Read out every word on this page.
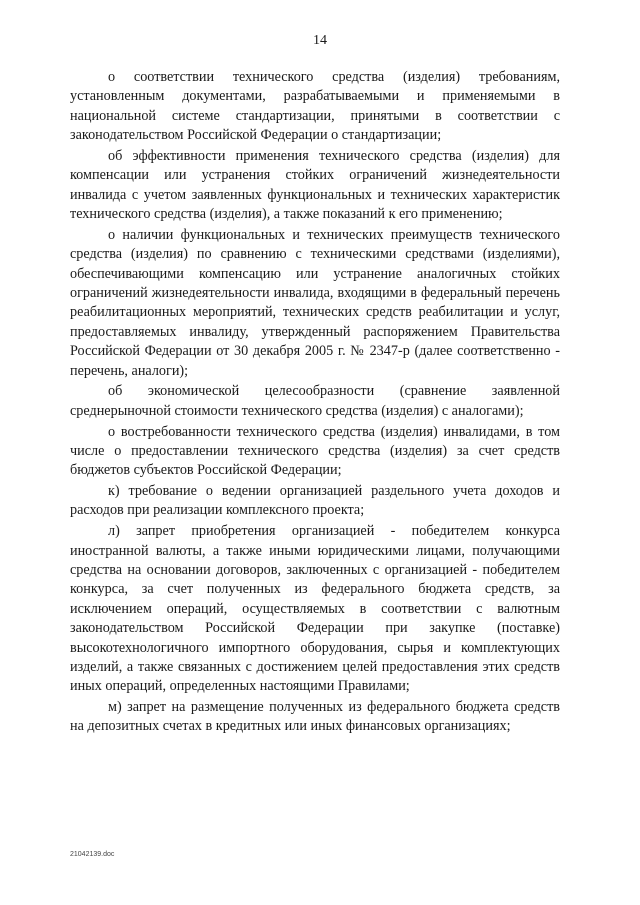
14

о соответствии технического средства (изделия) требованиям, установленным документами, разрабатываемыми и применяемыми в национальной системе стандартизации, принятыми в соответствии с законодательством Российской Федерации о стандартизации;

об эффективности применения технического средства (изделия) для компенсации или устранения стойких ограничений жизнедеятельности инвалида с учетом заявленных функциональных и технических характеристик технического средства (изделия), а также показаний к его применению;

о наличии функциональных и технических преимуществ технического средства (изделия) по сравнению с техническими средствами (изделиями), обеспечивающими компенсацию или устранение аналогичных стойких ограничений жизнедеятельности инвалида, входящими в федеральный перечень реабилитационных мероприятий, технических средств реабилитации и услуг, предоставляемых инвалиду, утвержденный распоряжением Правительства Российской Федерации от 30 декабря 2005 г. № 2347-р (далее соответственно - перечень, аналоги);

об экономической целесообразности (сравнение заявленной среднерыночной стоимости технического средства (изделия) с аналогами);

о востребованности технического средства (изделия) инвалидами, в том числе о предоставлении технического средства (изделия) за счет средств бюджетов субъектов Российской Федерации;

к) требование о ведении организацией раздельного учета доходов и расходов при реализации комплексного проекта;

л) запрет приобретения организацией - победителем конкурса иностранной валюты, а также иными юридическими лицами, получающими средства на основании договоров, заключенных с организацией - победителем конкурса, за счет полученных из федерального бюджета средств, за исключением операций, осуществляемых в соответствии с валютным законодательством Российской Федерации при закупке (поставке) высокотехнологичного импортного оборудования, сырья и комплектующих изделий, а также связанных с достижением целей предоставления этих средств иных операций, определенных настоящими Правилами;

м) запрет на размещение полученных из федерального бюджета средств на депозитных счетах в кредитных или иных финансовых организациях;

21042139.doc
